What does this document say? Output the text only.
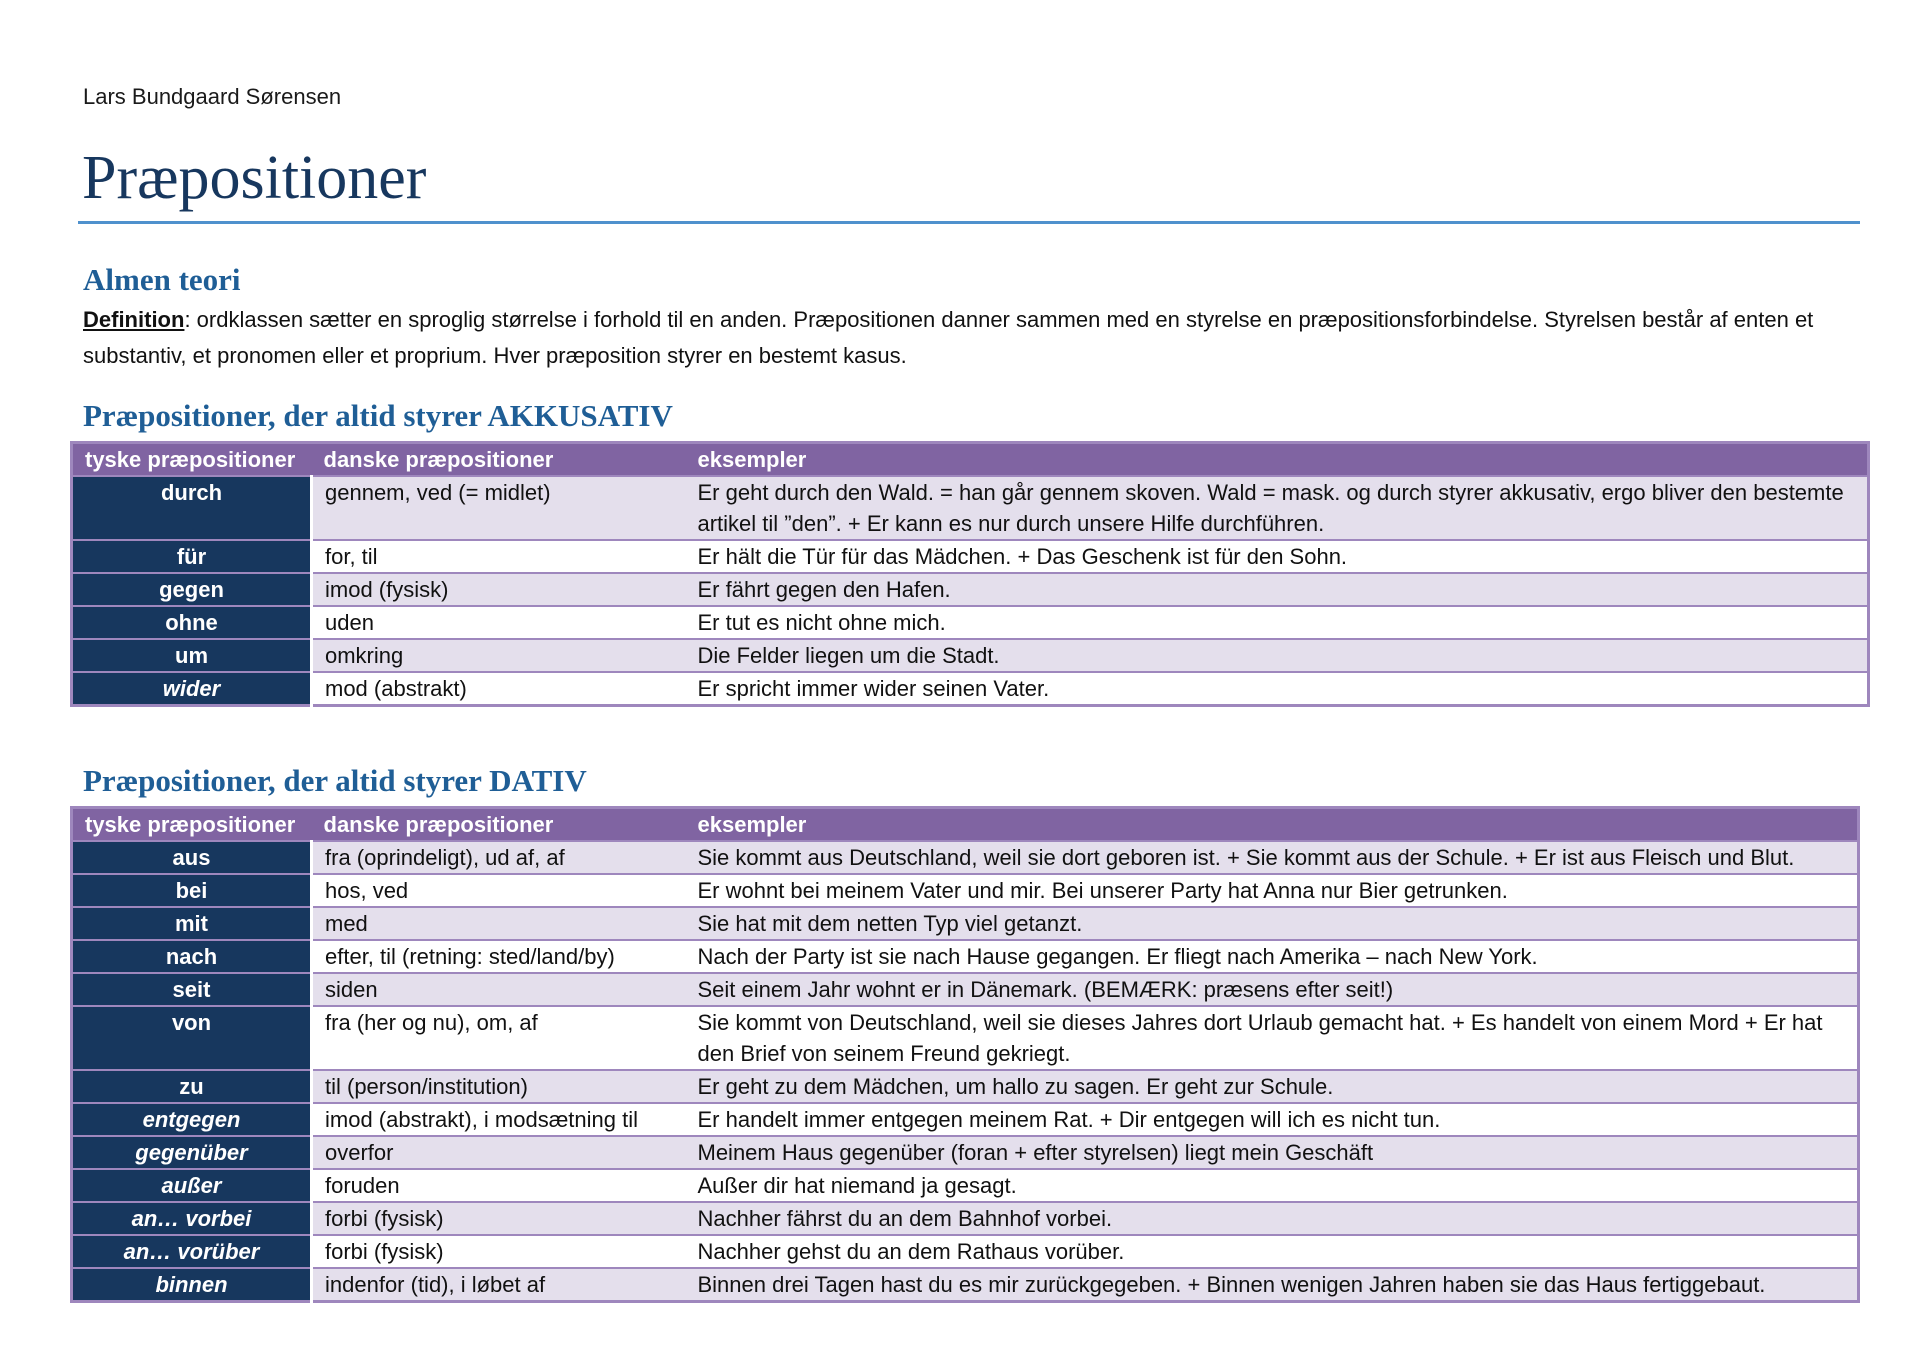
Lars Bundgaard Sørensen
Præpositioner
Almen teori
Definition: ordklassen sætter en sproglig størrelse i forhold til en anden. Præpositionen danner sammen med en styrelse en præpositionsforbindelse. Styrelsen består af enten et substantiv, et pronomen eller et proprium. Hver præposition styrer en bestemt kasus.
Præpositioner, der altid styrer AKKUSATIV
tyske præpositioner	danske præpositioner	eksempler
durch	gennem, ved (= midlet)	Er geht durch den Wald. = han går gennem skoven. Wald = mask. og durch styrer akkusativ, ergo bliver den bestemte artikel til ”den”. + Er kann es nur durch unsere Hilfe durchführen.
für	for, til	Er hält die Tür für das Mädchen. + Das Geschenk ist für den Sohn.
gegen	imod (fysisk)	Er fährt gegen den Hafen.
ohne	uden	Er tut es nicht ohne mich.
um	omkring	Die Felder liegen um die Stadt.
wider	mod (abstrakt)	Er spricht immer wider seinen Vater.
Præpositioner, der altid styrer DATIV
tyske præpositioner	danske præpositioner	eksempler
aus	fra (oprindeligt), ud af, af	Sie kommt aus Deutschland, weil sie dort geboren ist. + Sie kommt aus der Schule. + Er ist aus Fleisch und Blut.
bei	hos, ved	Er wohnt bei meinem Vater und mir. Bei unserer Party hat Anna nur Bier getrunken.
mit	med	Sie hat mit dem netten Typ viel getanzt.
nach	efter, til (retning: sted/land/by)	Nach der Party ist sie nach Hause gegangen. Er fliegt nach Amerika – nach New York.
seit	siden	Seit einem Jahr wohnt er in Dänemark. (BEMÆRK: præsens efter seit!)
von	fra (her og nu), om, af	Sie kommt von Deutschland, weil sie dieses Jahres dort Urlaub gemacht hat. + Es handelt von einem Mord + Er hat den Brief von seinem Freund gekriegt.
zu	til (person/institution)	Er geht zu dem Mädchen, um hallo zu sagen. Er geht zur Schule.
entgegen	imod (abstrakt), i modsætning til	Er handelt immer entgegen meinem Rat. + Dir entgegen will ich es nicht tun.
gegenüber	overfor	Meinem Haus gegenüber (foran + efter styrelsen) liegt mein Geschäft
außer	foruden	Außer dir hat niemand ja gesagt.
an… vorbei	forbi (fysisk)	Nachher fährst du an dem Bahnhof vorbei.
an… vorüber	forbi (fysisk)	Nachher gehst du an dem Rathaus vorüber.
binnen	indenfor (tid), i løbet af	Binnen drei Tagen hast du es mir zurückgegeben. + Binnen wenigen Jahren haben sie das Haus fertiggebaut.
